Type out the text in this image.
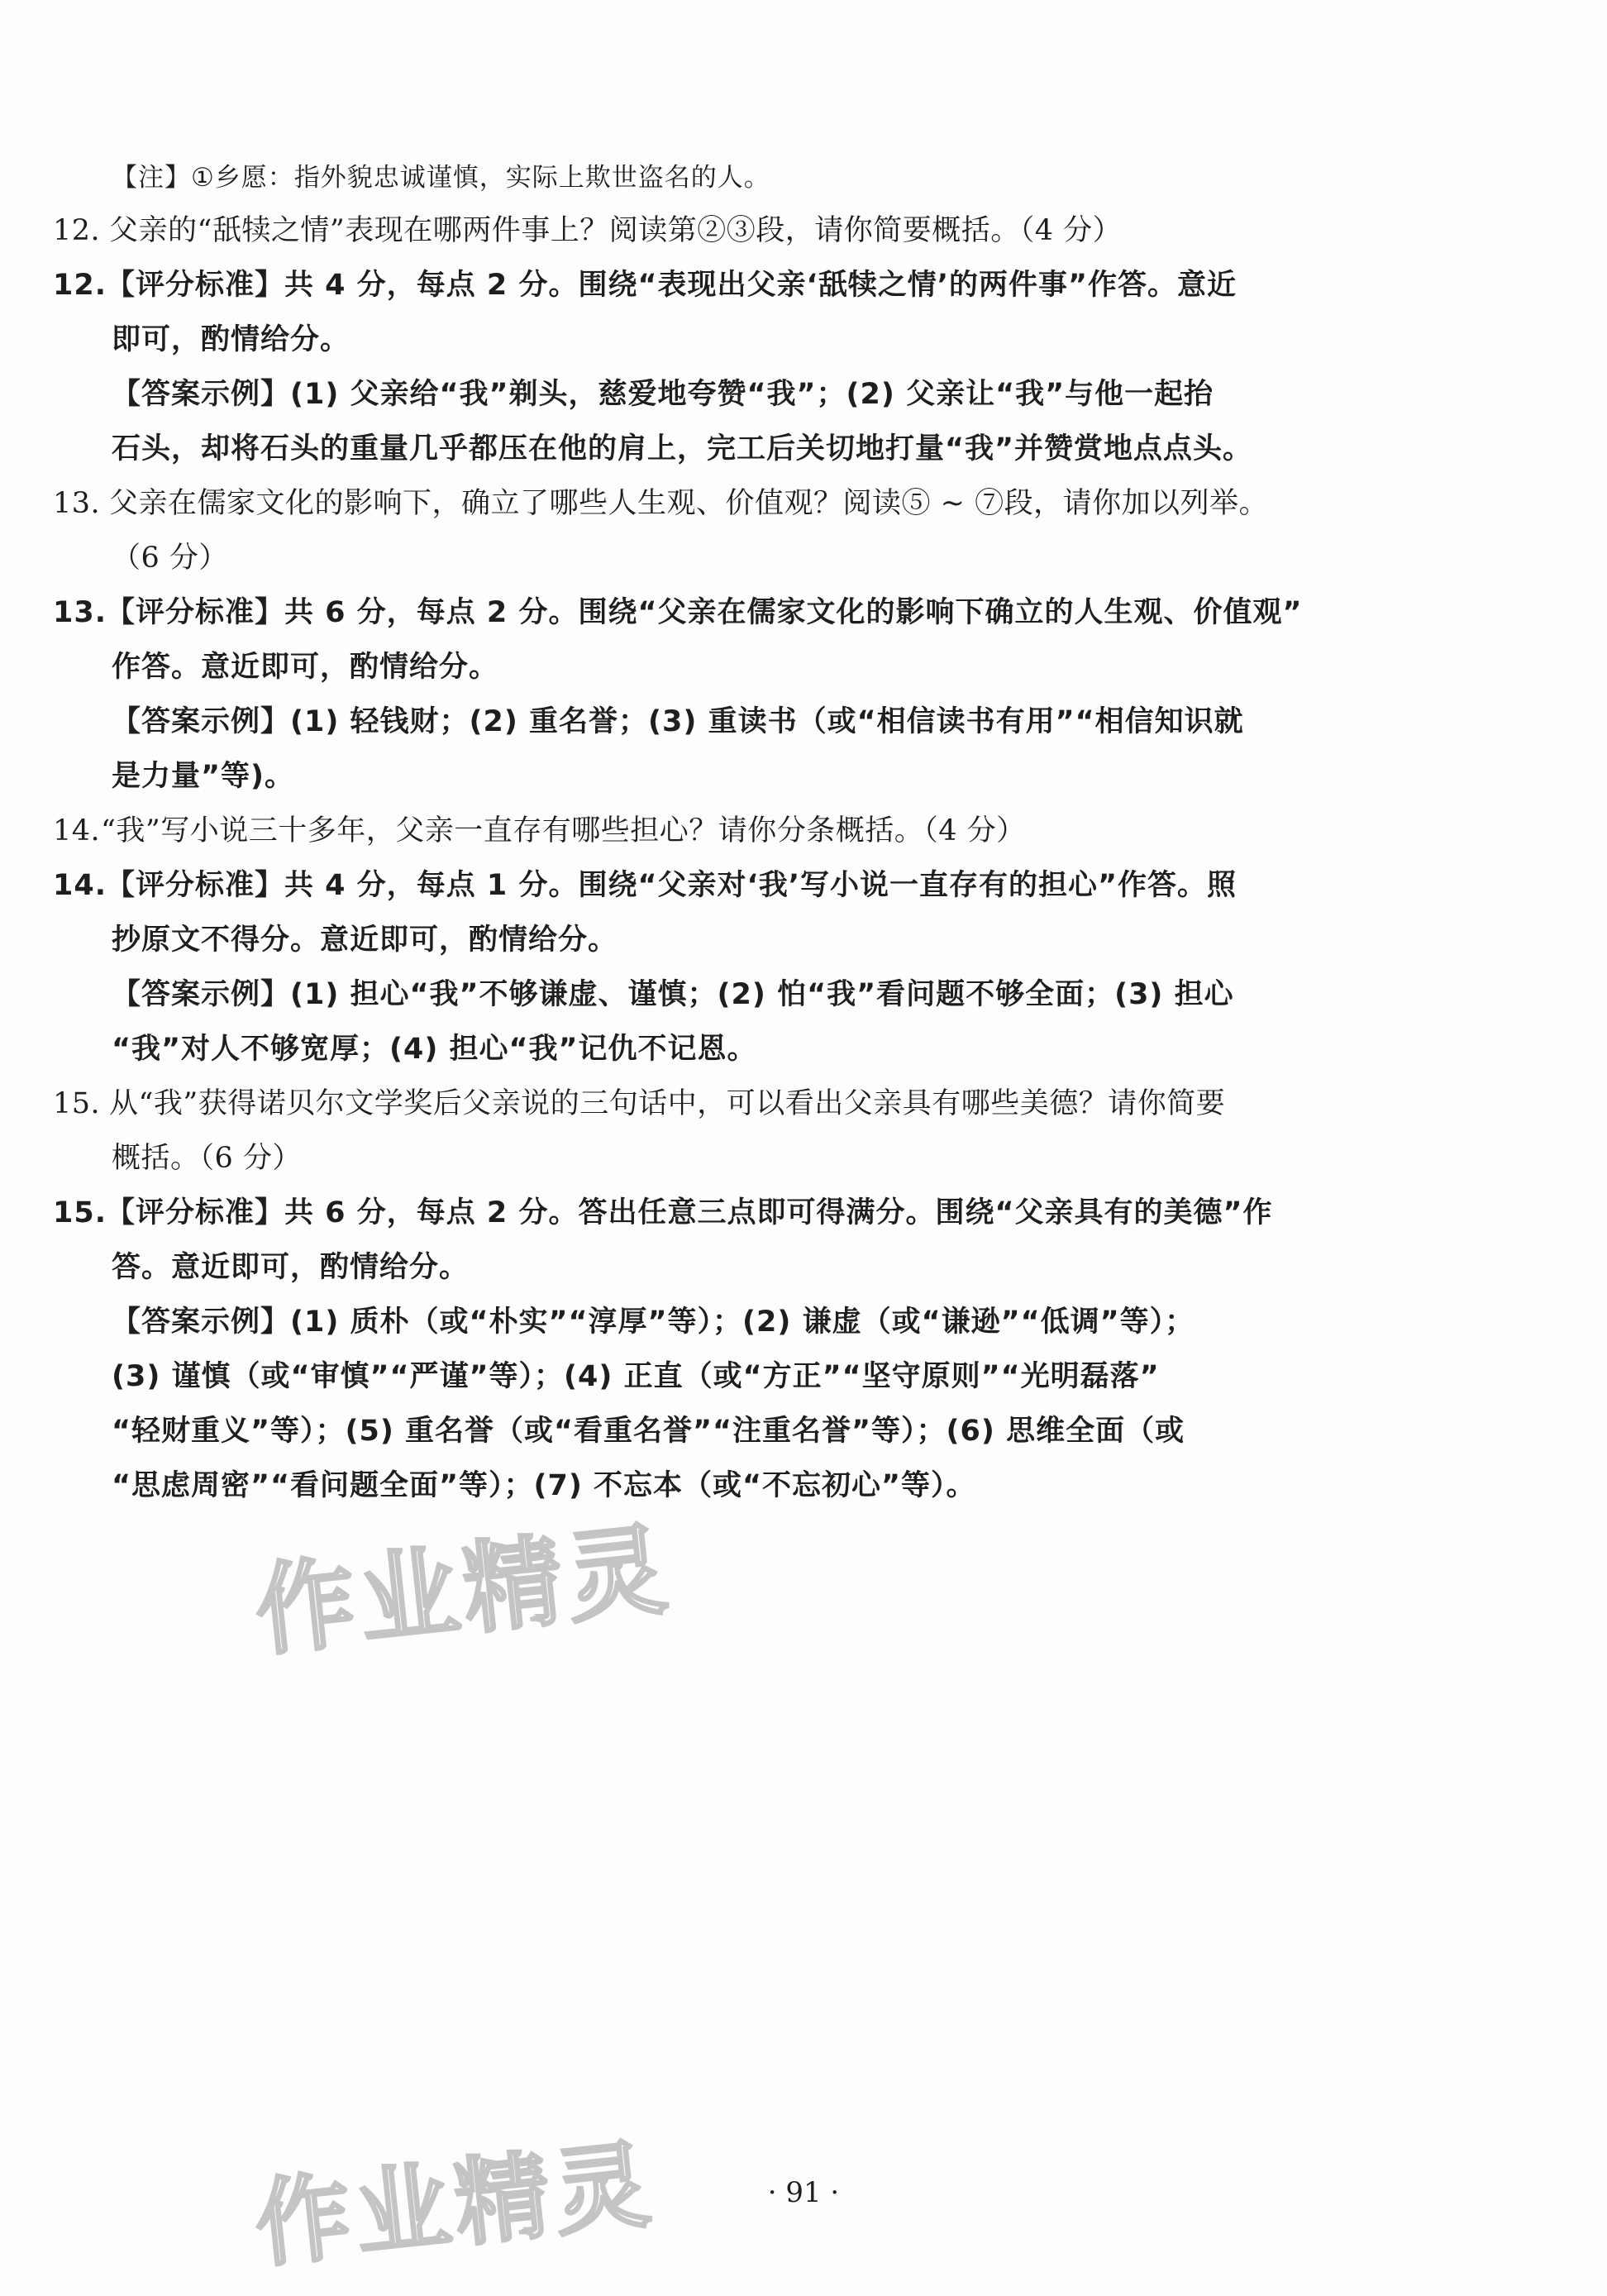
【注】①乡愿：指外貌忠诚谨慎，实际上欺世盗名的人。
12. 父亲的“舐犊之情”表现在哪两件事上？阅读第②③段，请你简要概括。（4 分）
12.
【评分标准】共 4 分，每点 2 分。围绕“表现出父亲‘舐犊之情’的两件事”作答。意近
即可，酌情给分。
【答案示例】(1) 父亲给“我”剃头，慈爱地夸赞“我”；(2) 父亲让“我”与他一起抬
石头，却将石头的重量几乎都压在他的肩上，完工后关切地打量“我”并赞赏地点点头。
13. 父亲在儒家文化的影响下，确立了哪些人生观、价值观？阅读⑤ ~ ⑦段，请你加以列举。
（6 分）
13.
【评分标准】共 6 分，每点 2 分。围绕“父亲在儒家文化的影响下确立的人生观、价值观”
作答。意近即可，酌情给分。
【答案示例】(1) 轻钱财；(2) 重名誉；(3) 重读书（或“相信读书有用”“相信知识就
是力量”等)。
14. “我”写小说三十多年，父亲一直存有哪些担心？请你分条概括。（4 分）
14.
【评分标准】共 4 分，每点 1 分。围绕“父亲对‘我’写小说一直存有的担心”作答。照
抄原文不得分。意近即可，酌情给分。
【答案示例】(1) 担心“我”不够谦虚、谨慎；(2) 怕“我”看问题不够全面；(3) 担心
“我”对人不够宽厚；(4) 担心“我”记仇不记恩。
15. 从“我”获得诺贝尔文学奖后父亲说的三句话中，可以看出父亲具有哪些美德？请你简要
概括。（6 分）
15.
【评分标准】共 6 分，每点 2 分。答出任意三点即可得满分。围绕“父亲具有的美德”作
答。意近即可，酌情给分。
【答案示例】(1) 质朴（或“朴实”“淳厚”等）；(2) 谦虚（或“谦逊”“低调”等）；
(3) 谨慎（或“审慎”“严谨”等）；(4) 正直（或“方正”“坚守原则”“光明磊落”
“轻财重义”等）；(5) 重名誉（或“看重名誉”“注重名誉”等）；(6) 思维全面（或
“思虑周密”“看问题全面”等）；(7) 不忘本（或“不忘初心”等）。
作业精灵
作业精灵	· 91 ·
